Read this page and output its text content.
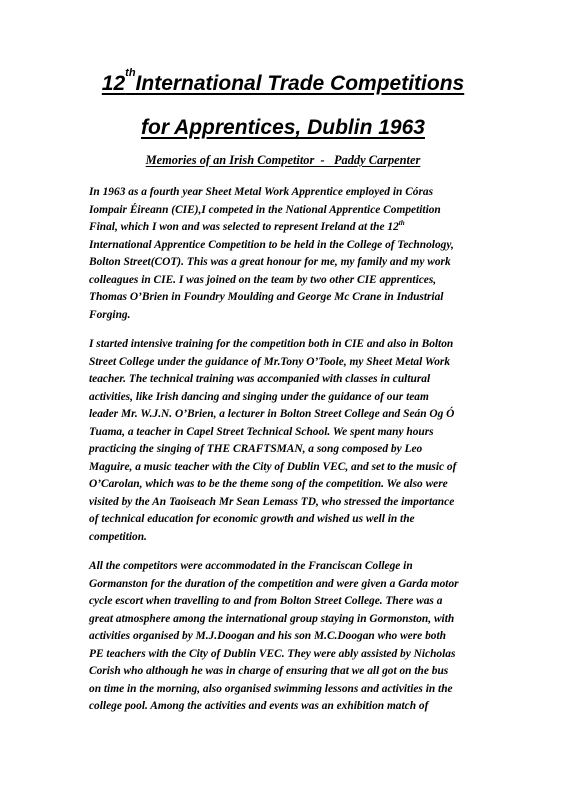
12thInternational Trade Competitions
for Apprentices, Dublin 1963
Memories of an Irish Competitor  -   Paddy Carpenter
In 1963 as a fourth year Sheet Metal Work Apprentice employed in Córas
Iompair Éireann (CIE),I competed in the National Apprentice Competition
Final, which I won and was selected to represent Ireland at the 12th
International Apprentice Competition to be held in the College of Technology,
Bolton Street(COT). This was a great honour for me, my family and my work
colleagues in CIE. I was joined on the team by two other CIE apprentices,
Thomas O’Brien in Foundry Moulding and George Mc Crane in Industrial
Forging.
I started intensive training for the competition both in CIE and also in Bolton
Street College under the guidance of Mr.Tony O’Toole, my Sheet Metal Work
teacher. The technical training was accompanied with classes in cultural
activities, like Irish dancing and singing under the guidance of our team
leader Mr. W.J.N. O’Brien, a lecturer in Bolton Street College and Seán Og Ó
Tuama, a teacher in Capel Street Technical School. We spent many hours
practicing the singing of THE CRAFTSMAN, a song composed by Leo
Maguire, a music teacher with the City of Dublin VEC, and set to the music of
O’Carolan, which was to be the theme song of the competition. We also were
visited by the An Taoiseach Mr Sean Lemass TD, who stressed the importance
of technical education for economic growth and wished us well in the
competition.
All the competitors were accommodated in the Franciscan College in
Gormanston for the duration of the competition and were given a Garda motor
cycle escort when travelling to and from Bolton Street College. There was a
great atmosphere among the international group staying in Gormonston, with
activities organised by M.J.Doogan and his son M.C.Doogan who were both
PE teachers with the City of Dublin VEC. They were ably assisted by Nicholas
Corish who although he was in charge of ensuring that we all got on the bus
on time in the morning, also organised swimming lessons and activities in the
college pool. Among the activities and events was an exhibition match of
